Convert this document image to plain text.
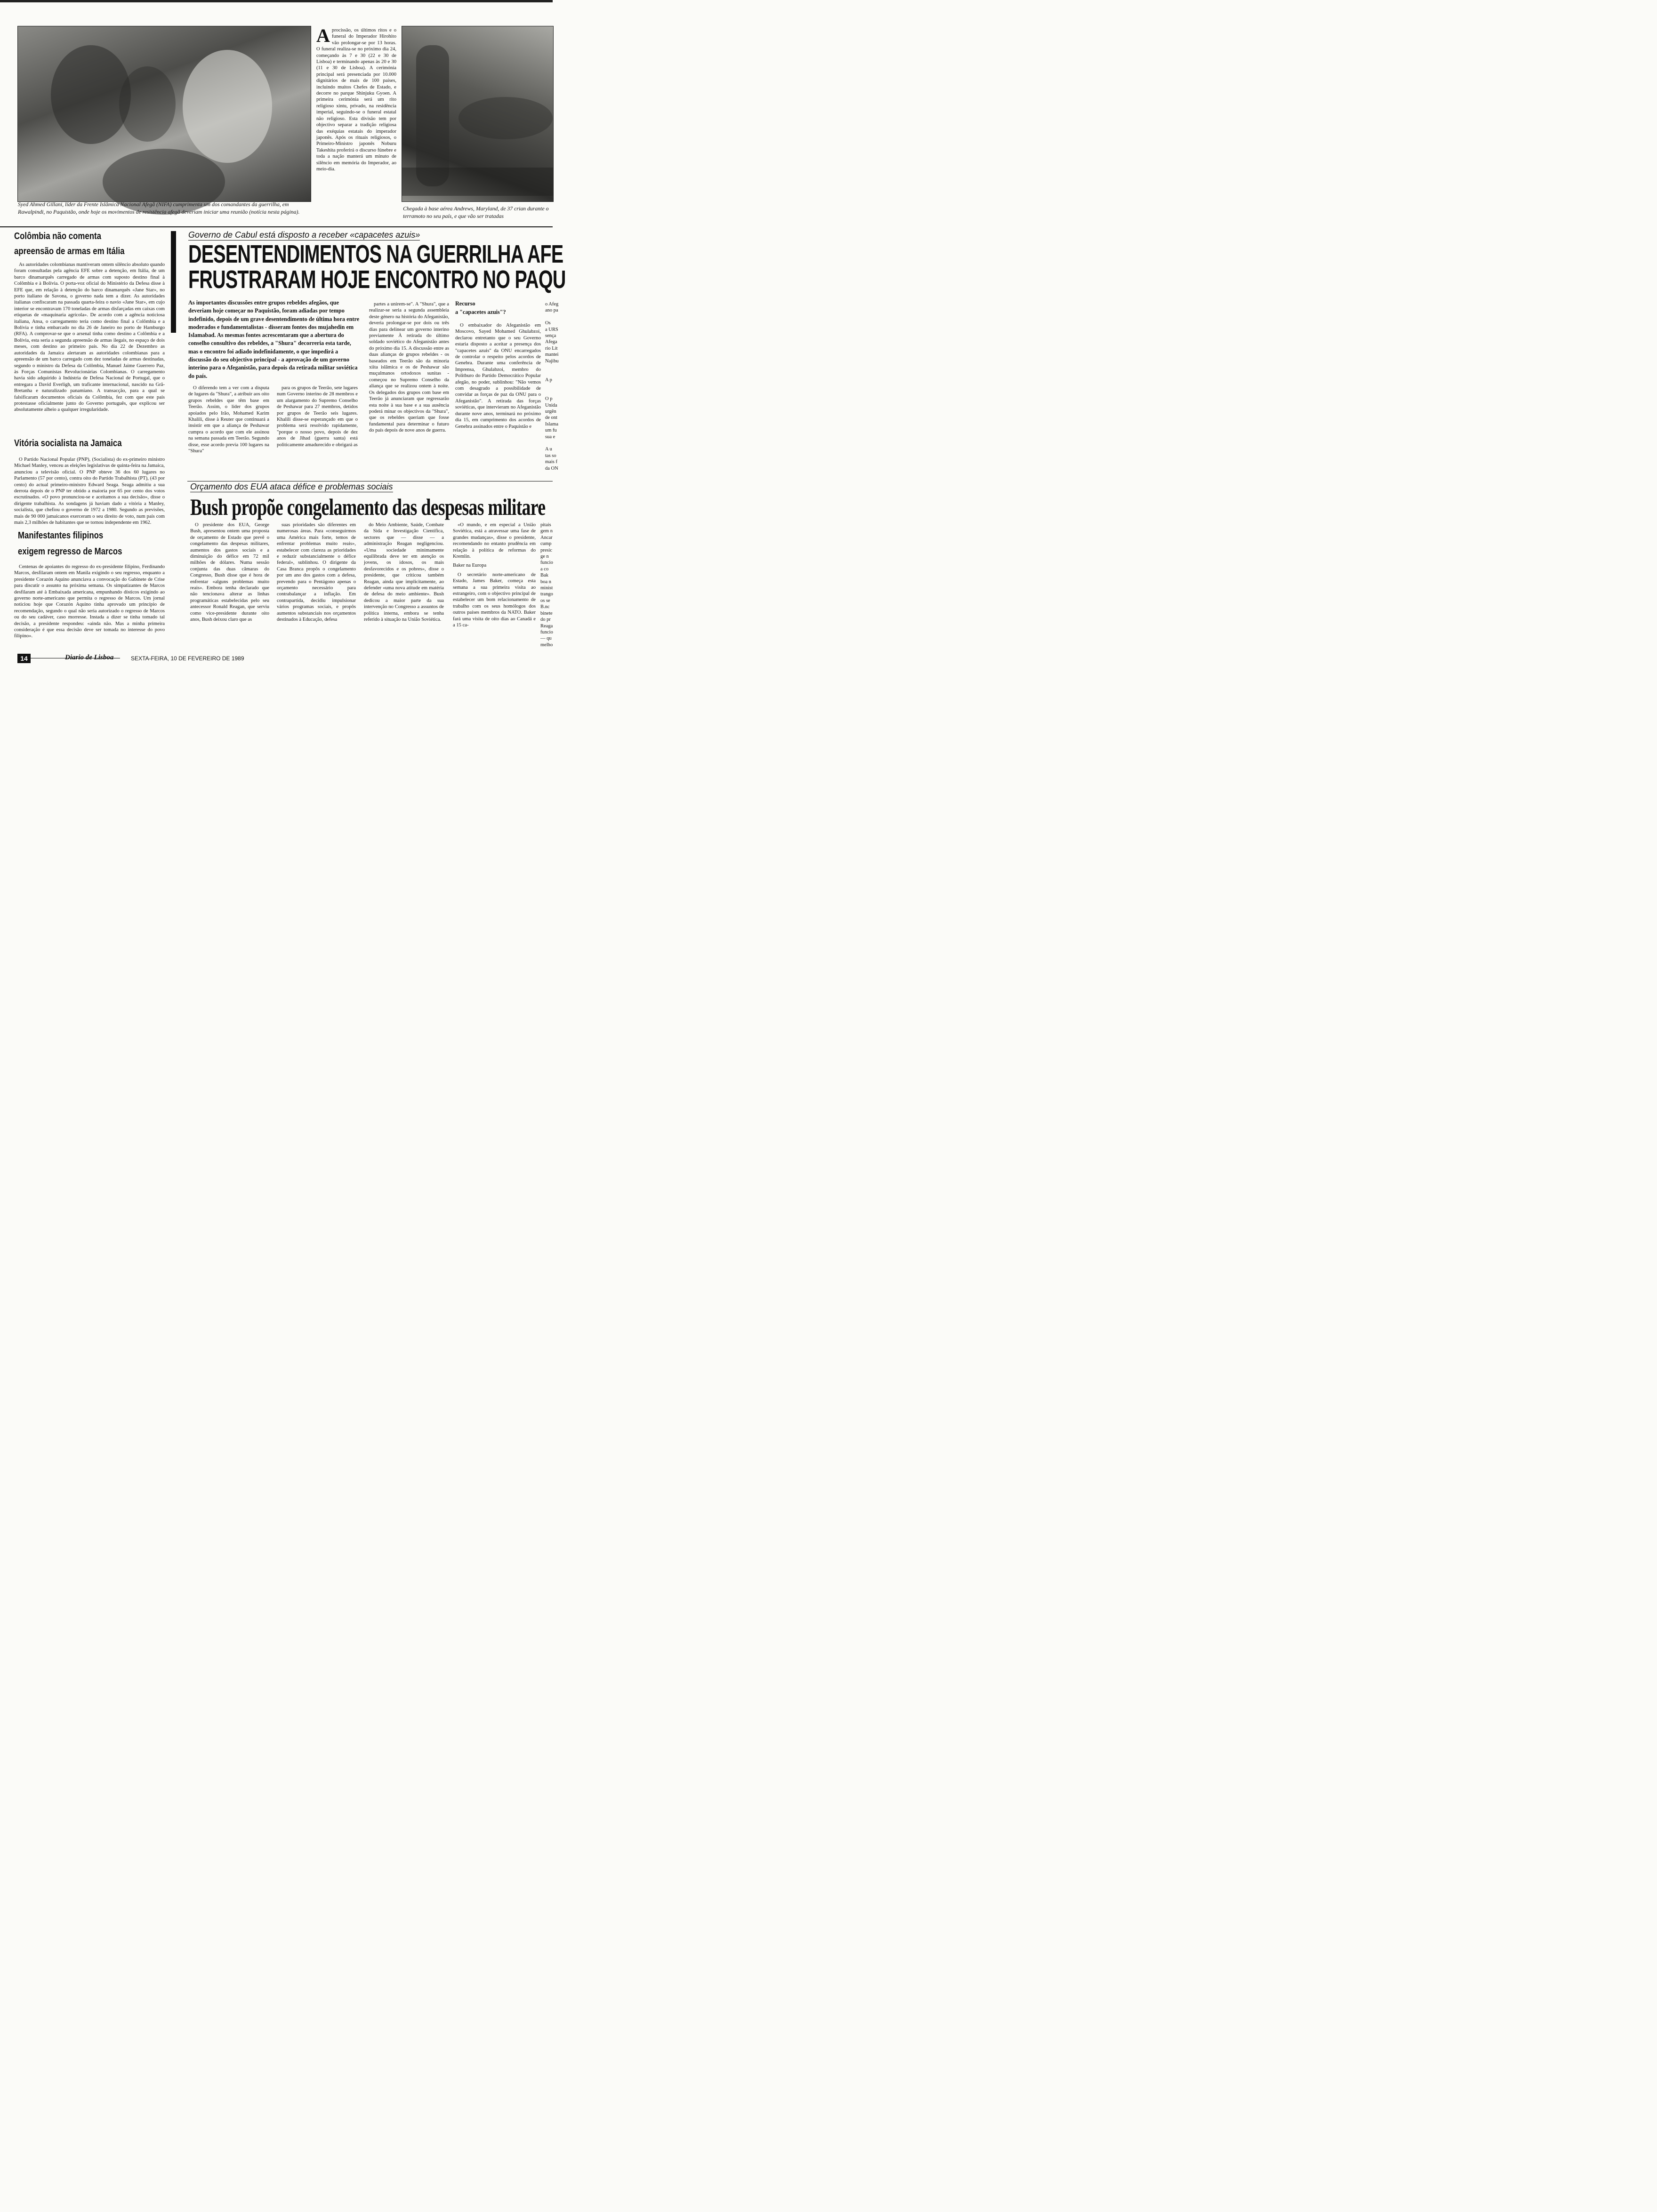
Syed Ahmed Gillani, líder da Frente Islâmica Nacional Afegã (NIFA) cumprimenta um dos comandantes da guerrilha, em Rawalpindi, no Paquistão, onde hoje os movimentos de resistência afegã deveriam iniciar uma reunião (notícia nesta página).
A procissão, os últimos ritos e o funeral do Imperador Hirohito vão prolongar-se por 13 horas. O funeral realiza-se no próximo dia 24, começando às 7 e 30 (22 e 30 de Lisboa) e terminando apenas às 20 e 30 (11 e 30 de Lisboa). A cerimónia principal será presenciada por 10.000 dignitários de mais de 100 países, incluindo muitos Chefes de Estado, e decorre no parque Shinjuku Gyoen. A primeira cerimónia será um rito religioso xintu, privado, na residência imperial, seguindo-se o funeral estatal não religioso. Esta divisão tem por objectivo separar a tradição religiosa das exéquias estatais do imperador japonês. Após os rituais religiosos, o Primeiro-Ministro japonês Noburu Takeshita proferirá o discurso fúnebre e toda a nação manterá um minuto de silêncio em memória do Imperador, ao meio-dia.
Chegada à base aérea Andrews, Maryland, de 37 crian durante o terramoto no seu país, e que vão ser tratadas
Colômbia não comenta
apreensão de armas em Itália

As autoridades colombianas mantiveram ontem silêncio absoluto quando foram consultadas pela agência EFE sobre a detenção, em Itália, de um barco dinamarquês carregado de armas com suposto destino final à Colômbia e à Bolívia. O porta-voz oficial do Ministério da Defesa disse à EFE que, em relação à detenção do barco dinamarquês «Jane Star», no porto italiano de Savona, o governo nada tem a dizer. As autoridades italianas confiscaram na passada quarta-feira o navio «Jane Star», em cujo interior se encontravam 170 toneladas de armas disfarçadas em caixas com etiquetas de «maquinaria agrícola». De acordo com a agência noticiosa italiana, Ansa, o carregamento teria como destino final a Colômbia e a Bolívia e tinha embarcado no dia 26 de Janeiro no porto de Hamburgo (RFA). A comprovar-se que o arsenal tinha como destino a Colômbia e a Bolívia, esta seria a segunda apreensão de armas ilegais, no espaço de dois meses, com destino ao primeiro país. No dia 22 de Dezembro as autoridades da Jamaica alertaram as autoridades colombianas para a apreensão de um barco carregado com dez toneladas de armas destinadas, segundo o ministro da Defesa da Colômbia, Manuel Jaime Guerrero Paz, às Forças Comunistas Revolucionárias Colombianas. O carregamento havia sido adquirido à Indústria de Defesa Nacional de Portugal, que o entregara a David Everligh, um traficante internacional, nascido na Grã-Bretanha e naturalizado panamiano. A transacção, para a qual se falsificaram documentos oficiais da Colômbia, fez com que este país protestasse oficialmente junto do Governo português, que explicou ser absolutamente alheio a qualquer irregularidade.

Vitória socialista na Jamaica

O Partido Nacional Popular (PNP), (Socialista) do ex-primeiro ministro Michael Manley, venceu as eleições legislativas de quinta-feira na Jamaica, anunciou a televisão oficial. O PNP obteve 36 dos 60 lugares no Parlamento (57 por cento), contra oito do Partido Trabalhista (PT), (43 por cento) do actual primeiro-ministro Edward Seaga. Seaga admitiu a sua derrota depois de o PNP ter obtido a maioria por 65 por cento dos votos escrutinados. «O povo pronunciou-se e aceitamos a sua decisão», disse o dirigente trabalhista. As sondagens já haviam dado a vitória a Manley, socialista, que chefiou o governo de 1972 a 1980. Segundo as previsões, mais de 90 000 jamaicanos exerceram o seu direito de voto, num país com mais 2,3 milhões de habitantes que se tornou independente em 1962.

Manifestantes filipinos
exigem regresso de Marcos

Centenas de apoiantes do regresso do ex-presidente filipino, Ferdinando Marcos, desfilaram ontem em Manila exigindo o seu regresso, enquanto a presidente Corazón Aquino anunciava a convocação do Gabinete de Crise para discutir o assunto na próxima semana. Os simpatizantes de Marcos desfilaram até à Embaixada americana, empunhando dísticos exigindo ao governo norte-americano que permita o regresso de Marcos. Um jornal noticiou hoje que Corazón Aquino tinha aprovado um princípio de recomendação, segundo o qual não seria autorizado o regresso de Marcos ou do seu cadáver, caso morresse. Instada a dizer se tinha tomado tal decisão, a presidente respondeu: «ainda não. Mas a minha primeira consideração é que essa decisão deve ser tomada no interesse do povo filipino».

Governo de Cabul está disposto a receber «capacetes azuis»
DESENTENDIMENTOS NA GUERRILHA AFE
FRUSTRARAM HOJE ENCONTRO NO PAQU
As importantes discussões entre grupos rebeldes afegãos, que deveriam hoje começar no Paquistão, foram adiadas por tempo indefinido, depois de um grave desentendimento de última hora entre moderados e fundamentalistas - disseram fontes dos mujahedin em Islamabad. As mesmas fontes acrescentaram que a abertura do conselho consultivo dos rebeldes, a "Shura" decorreria esta tarde, mas o encontro foi adiado indefinidamente, o que impedirá a discussão do seu objectivo principal - a aprovação de um governo interino para o Afeganistão, para depois da retirada militar soviética do país.

O diferendo tem a ver com a disputa de lugares da "Shura", a atribuir aos oito grupos rebeldes que têm base em Teerão. Assim, o líder dos grupos apoiados pelo Irão, Mohamed Karim Khalili, disse à Reuter que continuará a insistir em que a aliança de Peshawar cumpra o acordo que com ele assinou na semana passada em Teerão. Segundo disse, esse acordo previa 100 lugares na "Shura"

para os grupos de Teerão, sete lugares num Governo interino de 28 membros e um alargamento do Supremo Conselho de Peshawar para 27 membros, detidos por grupos de Teerão seis lugares. Khalili disse-se esperançado em que o problema será resolvido rapidamente, "porque o nosso povo, depois de dez anos de Jihad (guerra santa) está politicamente amadurecido e obrigará as

partes a unirem-se". A "Shura", que a realizar-se seria a segunda assembleia deste género na história do Afeganistão, deveria prolongar-se por dois ou três dias para delinear um governo interino previamente À retirada do último soldado soviético do Afeganistão antes do próximo dia 15. A discussão entre as duas alianças de grupos rebeldes - os baseados em Teerão são da minoria xiita islâmica e os de Peshawar são muçulmanos ortodoxos sunitas - começou no Supremo Conselho da aliança que se realizou ontem à noite. Os delegados dos grupos com base em Teerão já anunciaram que regressarão esta noite à sua base e a sua ausência poderá minar os objectivos da "Shura", que os rebeldes queriam que fosse fundamental para determinar o futuro do país depois de nove anos de guerra.

Recurso
a "capacetes azuis"?

O embaixador do Afeganistão em Moscovo, Sayed Mohamed Ghulabzoi, declarou entretanto que o seu Governo estaria disposto a aceitar a presença dos "capacetes azuis" da ONU encarregados de controlar o respeito pelos acordos de Genebra. Durante uma conferência de Imprensa, Ghulabzoi, membro do Politburo do Partido Democrático Popular afegão, no poder, sublinhou: "Não vemos com desagrado a possibilidade de convidar as forças de paz da ONU para o Afeganistão". A retirada das forças soviéticas, que intervieram no Afeganistão durante nove anos, terminará no próximo dia 15, em cumprimento dos acordos de Genebra assinados entre o Paquistão e

o Afeg
ano pa

Os
a URS
sença
Afega
rio Lít
mantei
Najibu

A p

O p
Unida
urgên
de ont
Islama
um fu
sua e

A u
tas so
mais f
da ON
Orçamento dos EUA ataca défice e problemas sociais
Bush propõe congelamento das despesas militare

O presidente dos EUA, George Bush, apresentou ontem uma proposta de orçamento de Estado que prevê o congelamento das despesas militares, aumentos dos gastos sociais e a diminuição do défice em 72 mil milhões de dólares. Numa sessão conjunta das duas câmaras do Congresso, Bush disse que é hora de enfrentar «alguns problemas muito reais». Embora tenha declarado que não tencionava alterar as linhas programáticas estabelecidas pelo seu antecessor Ronald Reagan, que serviu como vice-presidente durante oito anos, Bush deixou claro que as

suas prioridades são diferentes em numerosas áreas. Para «conseguirmos uma América mais forte, temos de enfrentar problemas muito reais», estabelecer com clareza as prioridades e reduzir substancialmente o défice federal», sublinhou. O dirigente da Casa Branca propôs o congelamento por um ano dos gastos com a defesa, prevendo para o Pentágono apenas o orçamento necessário para contrabalançar a inflação. Em contrapartida, decidiu impulsionar vários programas sociais, e propôs aumentos substanciais nos orçamentos destinados à Educação, defesa

do Meio Ambiente, Saúde, Combate da Sida e Investigação Científica, sectores que — disse — a administração Reagan negligenciou. «Uma sociedade minimamente equilibrada deve ter em atenção os jovens, os idosos, os mais desfavorecidos e os pobres», disse o presidente, que criticou também Reagan, ainda que implicitamente, ao defender «uma nova atitude em matéria de defesa do meio ambiente». Bush dedicou a maior parte da sua intervenção no Congresso a assuntos de política interna, embora se tenha referido à situação na União Soviética.

«O mundo, e em especial a União Soviética, está a atravessar uma fase de grandes mudanças», disse o presidente, recomendando no entanto prudência em relação à política de reformas do Kremlin.

Baker na Europa

O secretário norte-americano de Estado, James Baker, começa esta semana a sua primeira visita ao estrangeiro, com o objectivo principal de estabelecer um bom relacionamento de trabalho com os seus homólogos dos outros países membros da NATO. Baker fará uma visita de oito dias ao Canadá e a 15 ca-

pitais
gem n
Ancar
cump
presic
ge n
funcio
a co
Bak
boa n
minist
trango
os se
B.nc
binete
do pr
Reaga
funcio
— qu
melho
14	Diario de Lisboa	SEXTA-FEIRA, 10 DE FEVEREIRO DE 1989
